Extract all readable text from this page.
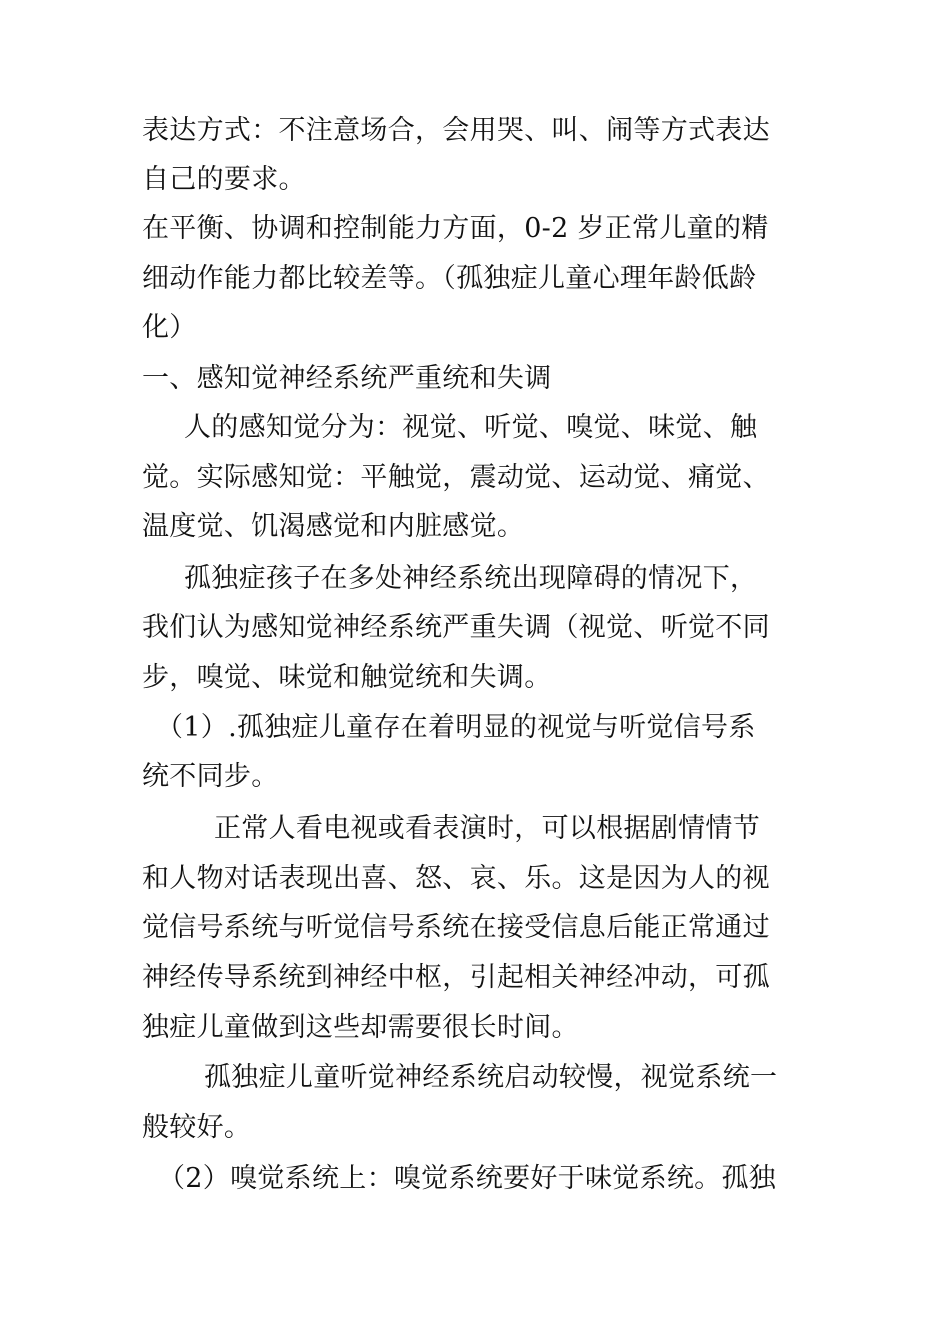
表达方式：不注意场合，会用哭、叫、闹等方式表达
自己的要求。
在平衡、协调和控制能力方面，0-2 岁正常儿童的精
细动作能力都比较差等。（孤独症儿童心理年龄低龄
化）
一、感知觉神经系统严重统和失调
人的感知觉分为：视觉、听觉、嗅觉、味觉、触
觉。实际感知觉：平触觉，震动觉、运动觉、痛觉、
温度觉、饥渴感觉和内脏感觉。
孤独症孩子在多处神经系统出现障碍的情况下，
我们认为感知觉神经系统严重失调（视觉、听觉不同
步，嗅觉、味觉和触觉统和失调。
（1）.孤独症儿童存在着明显的视觉与听觉信号系
统不同步。
正常人看电视或看表演时，可以根据剧情情节
和人物对话表现出喜、怒、哀、乐。这是因为人的视
觉信号系统与听觉信号系统在接受信息后能正常通过
神经传导系统到神经中枢，引起相关神经冲动，可孤
独症儿童做到这些却需要很长时间。
孤独症儿童听觉神经系统启动较慢，视觉系统一
般较好。
（2）嗅觉系统上：嗅觉系统要好于味觉系统。孤独
